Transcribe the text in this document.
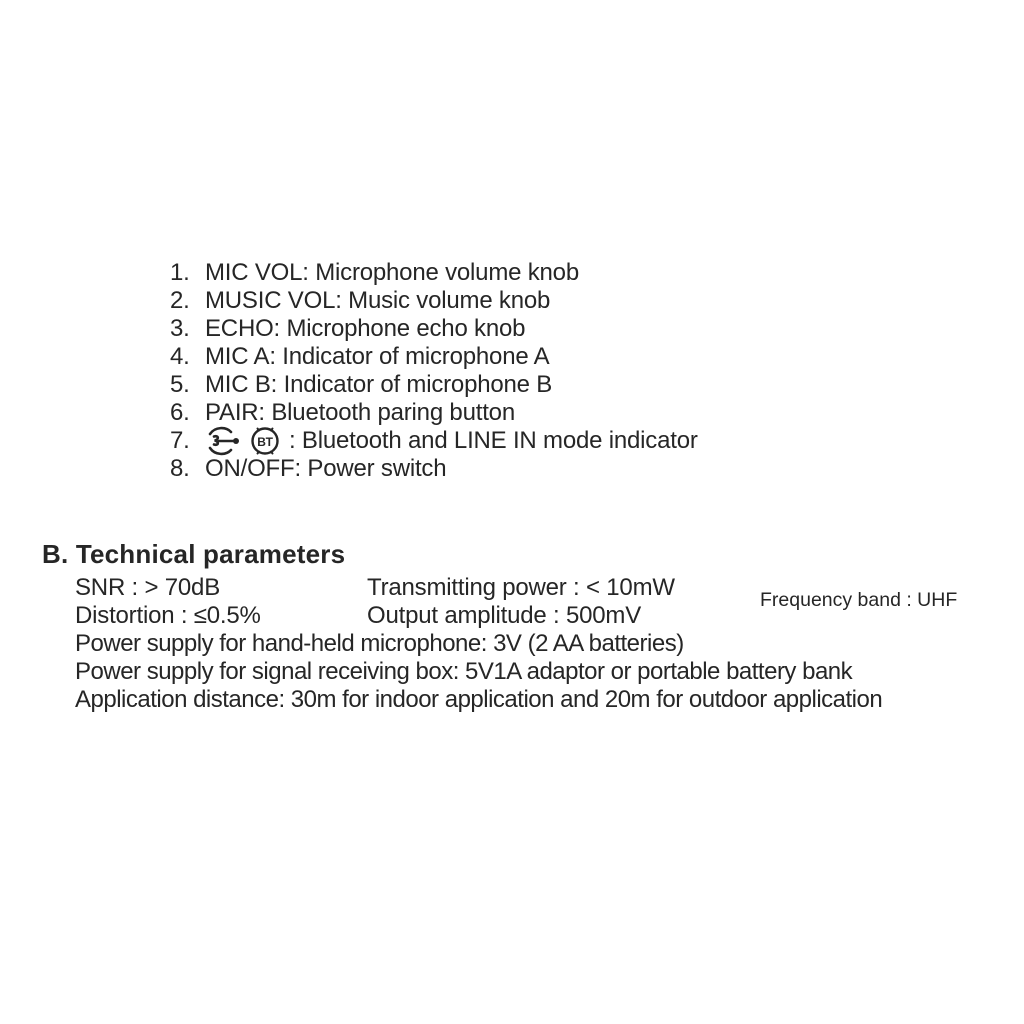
1. MIC VOL: Microphone volume knob
2. MUSIC VOL: Music volume knob
3. ECHO: Microphone echo knob
4. MIC A: Indicator of microphone A
5. MIC B: Indicator of microphone B
6. PAIR: Bluetooth paring button
7.	BT : Bluetooth and LINE IN mode indicator
8. ON/OFF: Power switch
B. Technical parameters
SNR : > 70dB	Transmitting power : < 10mW
Distortion : ≤0.5%	Output amplitude : 500mV
Power supply for hand-held microphone: 3V (2 AA batteries)
Power supply for signal receiving box: 5V1A adaptor or portable battery bank
Application distance: 30m for indoor application and 20m for outdoor application
Frequency band : UHF
